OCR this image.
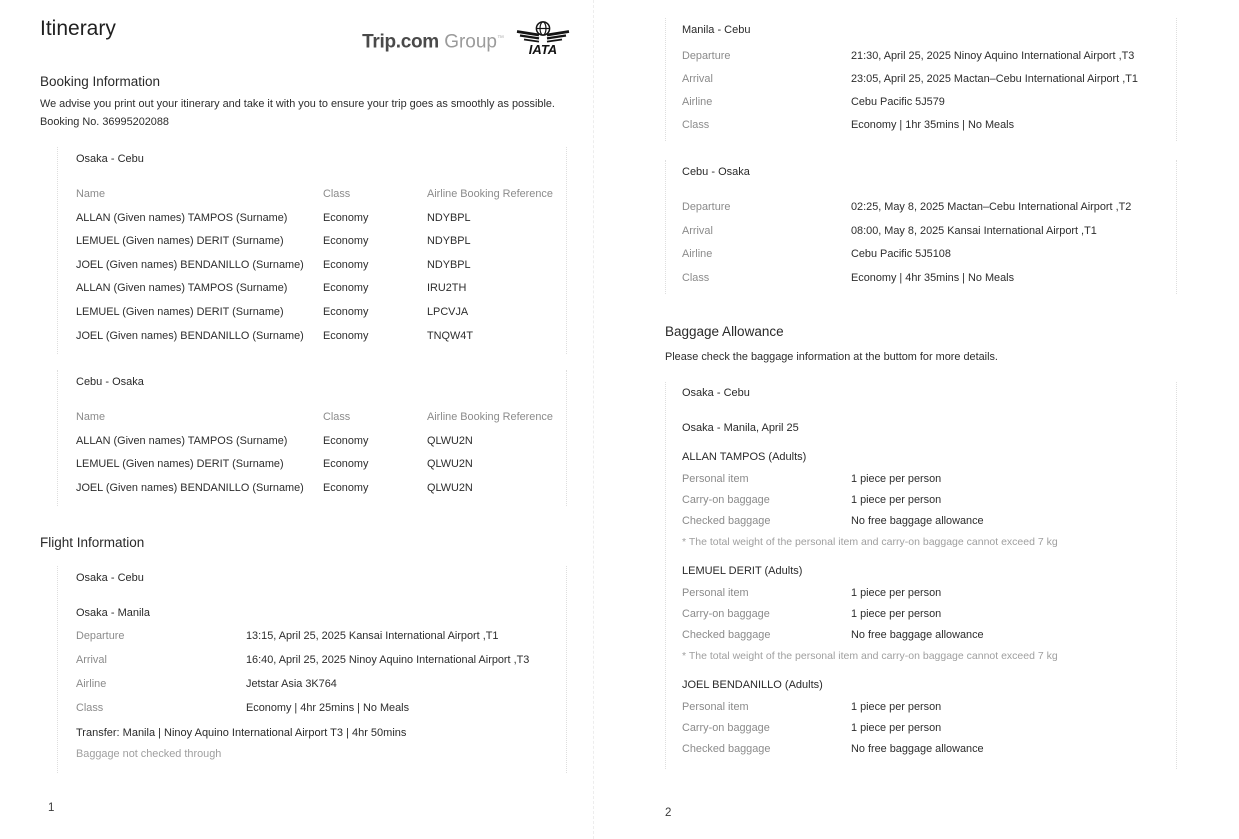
Itinerary
Trip.com Group™
IATA
Booking Information
We advise you print out your itinerary and take it with you to ensure your trip goes as smoothly as possible.
Booking No. 36995202088
Osaka - Cebu
Name	Class	Airline Booking Reference
ALLAN (Given names) TAMPOS (Surname)	Economy	NDYBPL
LEMUEL (Given names) DERIT (Surname)	Economy	NDYBPL
JOEL (Given names) BENDANILLO (Surname)	Economy	NDYBPL
ALLAN (Given names) TAMPOS (Surname)	Economy	IRU2TH
LEMUEL (Given names) DERIT (Surname)	Economy	LPCVJA
JOEL (Given names) BENDANILLO (Surname)	Economy	TNQW4T
Cebu - Osaka
Name	Class	Airline Booking Reference
ALLAN (Given names) TAMPOS (Surname)	Economy	QLWU2N
LEMUEL (Given names) DERIT (Surname)	Economy	QLWU2N
JOEL (Given names) BENDANILLO (Surname)	Economy	QLWU2N
Flight Information
Osaka - Cebu
Osaka - Manila
Departure	13:15, April 25, 2025 Kansai International Airport ,T1
Arrival	16:40, April 25, 2025 Ninoy Aquino International Airport ,T3
Airline	Jetstar Asia 3K764
Class	Economy | 4hr 25mins | No Meals
Transfer: Manila | Ninoy Aquino International Airport T3 | 4hr 50mins
Baggage not checked through
1
Manila - Cebu
Departure	21:30, April 25, 2025 Ninoy Aquino International Airport ,T3
Arrival	23:05, April 25, 2025 Mactan–Cebu International Airport ,T1
Airline	Cebu Pacific 5J579
Class	Economy | 1hr 35mins | No Meals
Cebu - Osaka
Departure	02:25, May 8, 2025 Mactan–Cebu International Airport ,T2
Arrival	08:00, May 8, 2025 Kansai International Airport ,T1
Airline	Cebu Pacific 5J5108
Class	Economy | 4hr 35mins | No Meals
Baggage Allowance
Please check the baggage information at the buttom for more details.
Osaka - Cebu
Osaka - Manila, April 25
ALLAN TAMPOS (Adults)
Personal item	1 piece per person
Carry-on baggage	1 piece per person
Checked baggage	No free baggage allowance
* The total weight of the personal item and carry-on baggage cannot exceed 7 kg
LEMUEL DERIT (Adults)
Personal item	1 piece per person
Carry-on baggage	1 piece per person
Checked baggage	No free baggage allowance
* The total weight of the personal item and carry-on baggage cannot exceed 7 kg
JOEL BENDANILLO (Adults)
Personal item	1 piece per person
Carry-on baggage	1 piece per person
Checked baggage	No free baggage allowance
2
